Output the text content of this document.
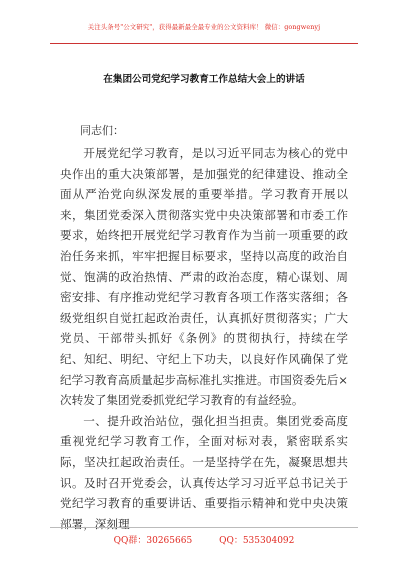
关注头条号"公文研究"，获得最新最全最专业的公文资料库！ 微信：gongwenyj
在集团公司党纪学习教育工作总结大会上的讲话
同志们：

开展党纪学习教育，是以习近平同志为核心的党中央作出的重大决策部署，是加强党的纪律建设、推动全面从严治党向纵深发展的重要举措。学习教育开展以来，集团党委深入贯彻落实党中央决策部署和市委工作要求，始终把开展党纪学习教育作为当前一项重要的政治任务来抓，牢牢把握目标要求，坚持以高度的政治自觉、饱满的政治热情、严肃的政治态度，精心谋划、周密安排、有序推动党纪学习教育各项工作落实落细；各级党组织自觉扛起政治责任，认真抓好贯彻落实；广大党员、干部带头抓好《条例》的贯彻执行，持续在学纪、知纪、明纪、守纪上下功夫，以良好作风确保了党纪学习教育高质量起步高标准扎实推进。市国资委先后×次转发了集团党委抓党纪学习教育的有益经验。

一、提升政治站位，强化担当担责。集团党委高度重视党纪学习教育工作，全面对标对表，紧密联系实际，坚决扛起政治责任。一是坚持学在先，凝聚思想共识。及时召开党委会，认真传达学习习近平总书记关于党纪学习教育的重要讲话、重要指示精神和党中央决策部署，深刻理

QQ群：30265665	QQ：535304092
